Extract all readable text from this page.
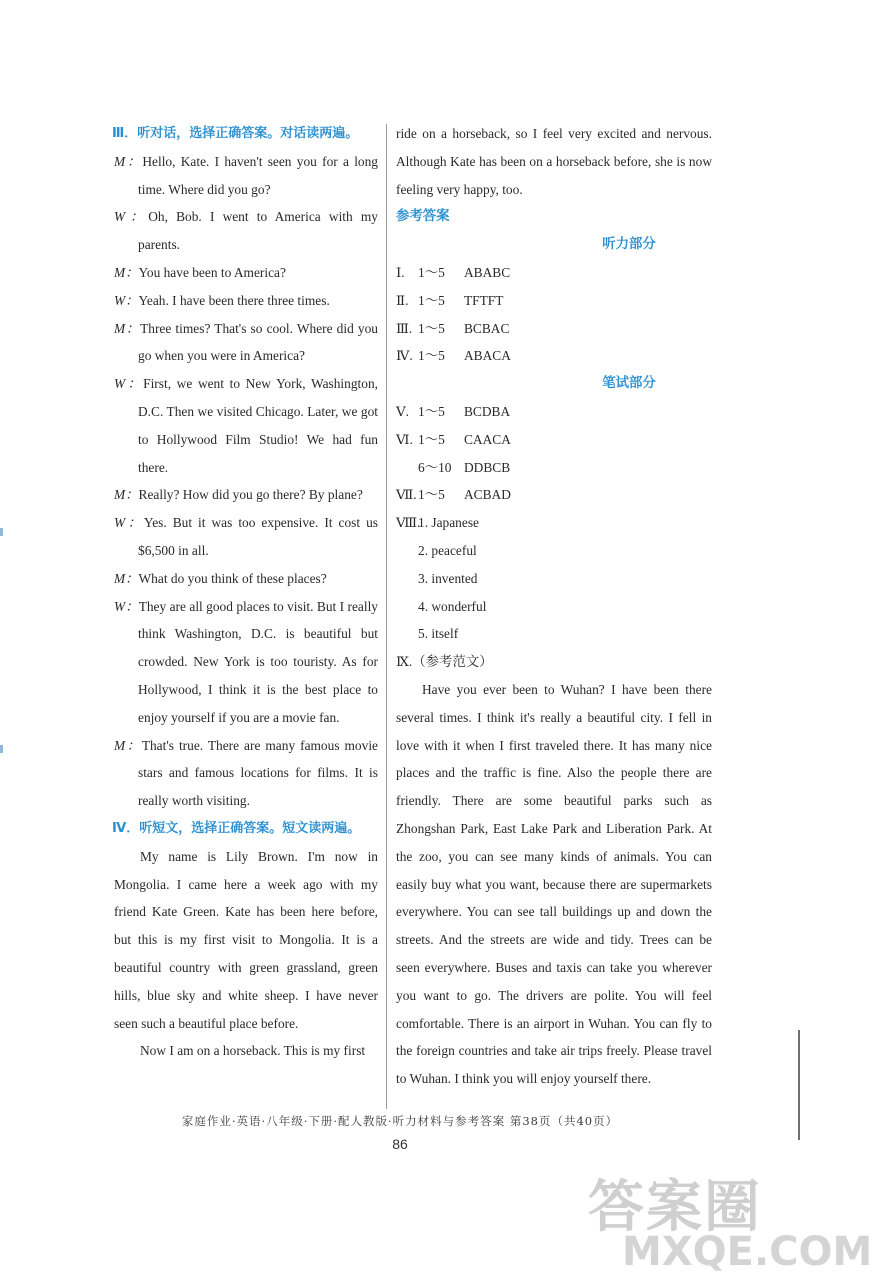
Ⅲ．听对话，选择正确答案。对话读两遍。

M：Hello, Kate. I haven't seen you for a long time. Where did you go?

W：Oh, Bob. I went to America with my parents.

M：You have been to America?

W：Yeah. I have been there three times.

M：Three times? That's so cool. Where did you go when you were in America?

W：First, we went to New York, Washington, D.C. Then we visited Chicago. Later, we got to Hollywood Film Studio! We had fun there.

M：Really? How did you go there? By plane?

W：Yes. But it was too expensive. It cost us $6,500 in all.

M：What do you think of these places?

W：They are all good places to visit. But I really think Washington, D.C. is beautiful but crowded. New York is too touristy. As for Hollywood, I think it is the best place to enjoy yourself if you are a movie fan.

M：That's true. There are many famous movie stars and famous locations for films. It is really worth visiting.

Ⅳ．听短文，选择正确答案。短文读两遍。

My name is Lily Brown. I'm now in Mongolia. I came here a week ago with my friend Kate Green. Kate has been here before, but this is my first visit to Mongolia. It is a beautiful country with green grassland, green hills, blue sky and white sheep. I have never seen such a beautiful place before.

Now I am on a horseback. This is my first

ride on a horseback, so I feel very excited and nervous. Although Kate has been on a horseback before, she is now feeling very happy, too.

参考答案

听力部分

Ⅰ. 1～5 ABABC

Ⅱ. 1～5 TFTFT

Ⅲ. 1～5 BCBAC

Ⅳ. 1～5 ABACA

笔试部分

Ⅴ. 1～5 BCDBA

Ⅵ. 1～5 CAACA

6～10 DDBCB

Ⅶ.1～5 ACBAD

Ⅷ.

1. Japanese

2. peaceful

3. invented

4. wonderful

5. itself

Ⅸ.（参考范文）

Have you ever been to Wuhan? I have been there several times. I think it's really a beautiful city. I fell in love with it when I first traveled there. It has many nice places and the traffic is fine. Also the people there are friendly. There are some beautiful parks such as Zhongshan Park, East Lake Park and Liberation Park. At the zoo, you can see many kinds of animals. You can easily buy what you want, because there are supermarkets everywhere. You can see tall buildings up and down the streets. And the streets are wide and tidy. Trees can be seen everywhere. Buses and taxis can take you wherever you want to go. The drivers are polite. You will feel comfortable. There is an airport in Wuhan. You can fly to the foreign countries and take air trips freely. Please travel to Wuhan. I think you will enjoy yourself there.

家庭作业·英语·八年级·下册·配人教版·听力材料与参考答案 第38页（共40页）
86
答案圈
MXQE.COM
